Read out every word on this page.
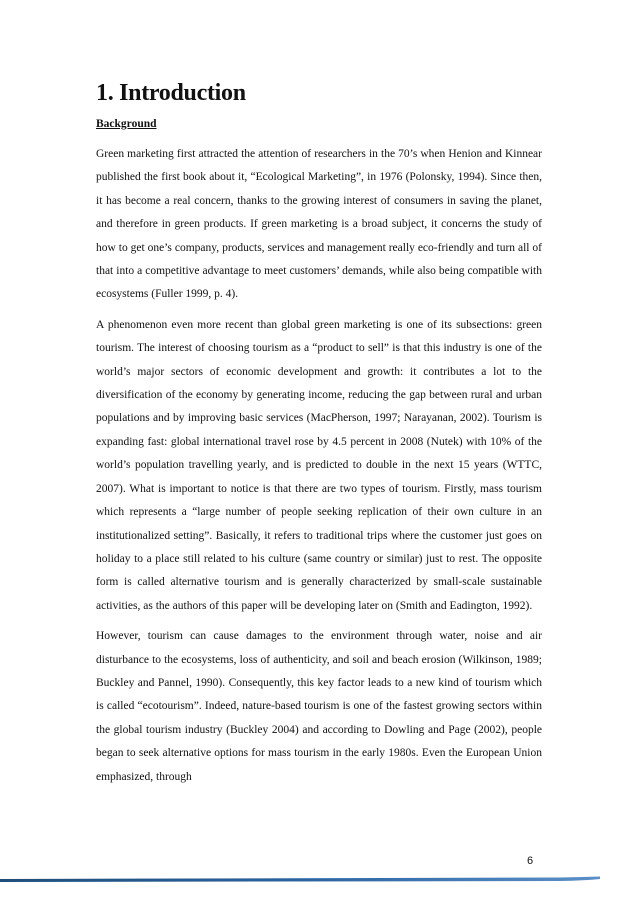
1. Introduction
Background

Green marketing first attracted the attention of researchers in the 70’s when Henion and Kinnear published the first book about it, “Ecological Marketing”, in 1976 (Polonsky, 1994). Since then, it has become a real concern, thanks to the growing interest of consumers in saving the planet, and therefore in green products. If green marketing is a broad subject, it concerns the study of how to get one’s company, products, services and management really eco-friendly and turn all of that into a competitive advantage to meet customers’ demands, while also being compatible with ecosystems (Fuller 1999, p. 4).

A phenomenon even more recent than global green marketing is one of its subsections: green tourism. The interest of choosing tourism as a “product to sell” is that this industry is one of the world’s major sectors of economic development and growth: it contributes a lot to the diversification of the economy by generating income, reducing the gap between rural and urban populations and by improving basic services (MacPherson, 1997; Narayanan, 2002). Tourism is expanding fast: global international travel rose by 4.5 percent in 2008 (Nutek) with 10% of the world’s population travelling yearly, and is predicted to double in the next 15 years (WTTC, 2007). What is important to notice is that there are two types of tourism. Firstly, mass tourism which represents a “large number of people seeking replication of their own culture in an institutionalized setting”. Basically, it refers to traditional trips where the customer just goes on holiday to a place still related to his culture (same country or similar) just to rest. The opposite form is called alternative tourism and is generally characterized by small-scale sustainable activities, as the authors of this paper will be developing later on (Smith and Eadington, 1992).

However, tourism can cause damages to the environment through water, noise and air disturbance to the ecosystems, loss of authenticity, and soil and beach erosion (Wilkinson, 1989; Buckley and Pannel, 1990). Consequently, this key factor leads to a new kind of tourism which is called “ecotourism”. Indeed, nature-based tourism is one of the fastest growing sectors within the global tourism industry (Buckley 2004) and according to Dowling and Page (2002), people began to seek alternative options for mass tourism in the early 1980s. Even the European Union emphasized, through

6
